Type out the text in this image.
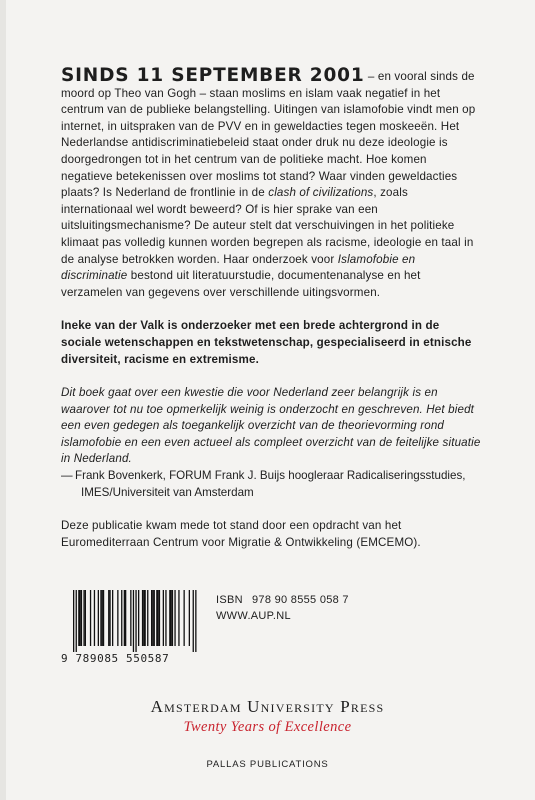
SINDS 11 SEPTEMBER 2001 – en vooral sinds de moord op Theo van Gogh – staan moslims en islam vaak negatief in het centrum van de publieke belangstelling. Uitingen van islamofobie vindt men op internet, in uitspraken van de PVV en in geweldacties tegen moskeeën. Het Nederlandse antidiscriminatiebeleid staat onder druk nu deze ideologie is doorgedrongen tot in het centrum van de politieke macht. Hoe komen negatieve betekenissen over moslims tot stand? Waar vinden geweldacties plaats? Is Nederland de frontlinie in de clash of civilizations, zoals internationaal wel wordt beweerd? Of is hier sprake van een uitsluitingsmechanisme? De auteur stelt dat verschuivingen in het politieke klimaat pas volledig kunnen worden begrepen als racisme, ideologie en taal in de analyse betrokken worden. Haar onderzoek voor Islamofobie en discriminatie bestond uit literatuurstudie, documentenanalyse en het verzamelen van gegevens over verschillende uitingsvormen.

Ineke van der Valk is onderzoeker met een brede achtergrond in de sociale wetenschappen en tekstwetenschap, gespecialiseerd in etnische diversiteit, racisme en extremisme.

Dit boek gaat over een kwestie die voor Nederland zeer belangrijk is en waarover tot nu toe opmerkelijk weinig is onderzocht en geschreven. Het biedt een even gedegen als toegankelijk overzicht van de theorievorming rond islamofobie en een even actueel als compleet overzicht van de feitelijke situatie in Nederland.

— Frank Bovenkerk, FORUM Frank J. Buijs hoogleraar Radicaliseringsstudies,
IMES/Universiteit van Amsterdam

Deze publicatie kwam mede tot stand door een opdracht van het Euromediterraan Centrum voor Migratie & Ontwikkeling (EMCEMO).

9 789085 550587
ISBN 978 90 8555 058 7
WWW.AUP.NL
Amsterdam University Press
Twenty Years of Excellence
PALLAS PUBLICATIONS
